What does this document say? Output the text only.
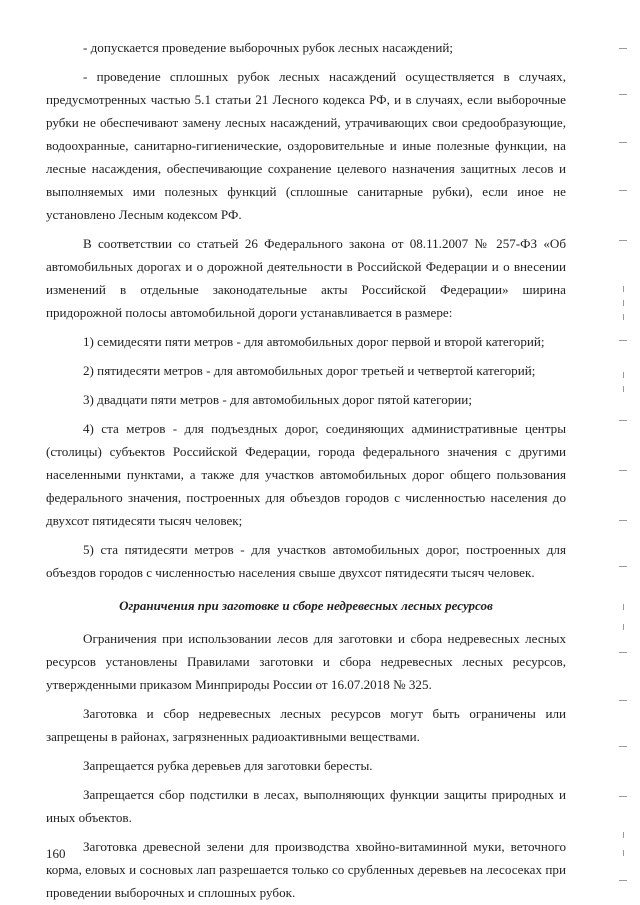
- допускается проведение выборочных рубок лесных насаждений;

- проведение сплошных рубок лесных насаждений осуществляется в случаях, предусмотренных частью 5.1 статьи 21 Лесного кодекса РФ, и в случаях, если выборочные рубки не обеспечивают замену лесных насаждений, утрачивающих свои средообразующие, водоохранные, санитарно-гигиенические, оздоровительные и иные полезные функции, на лесные насаждения, обеспечивающие сохранение целевого назначения защитных лесов и выполняемых ими полезных функций (сплошные санитарные рубки), если иное не установлено Лесным кодексом РФ.

В соответствии со статьей 26 Федерального закона от 08.11.2007 № 257-ФЗ «Об автомобильных дорогах и о дорожной деятельности в Российской Федерации и о внесении изменений в отдельные законодательные акты Российской Федерации» ширина придорожной полосы автомобильной дороги устанавливается в размере:

1) семидесяти пяти метров - для автомобильных дорог первой и второй категорий;

2) пятидесяти метров - для автомобильных дорог третьей и четвертой категорий;

3) двадцати пяти метров - для автомобильных дорог пятой категории;

4) ста метров - для подъездных дорог, соединяющих административные центры (столицы) субъектов Российской Федерации, города федерального значения с другими населенными пунктами, а также для участков автомобильных дорог общего пользования федерального значения, построенных для объездов городов с численностью населения до двухсот пятидесяти тысяч человек;

5) ста пятидесяти метров - для участков автомобильных дорог, построенных для объездов городов с численностью населения свыше двухсот пятидесяти тысяч человек.

Ограничения при заготовке и сборе недревесных лесных ресурсов

Ограничения при использовании лесов для заготовки и сбора недревесных лесных ресурсов установлены Правилами заготовки и сбора недревесных лесных ресурсов, утвержденными приказом Минприроды России от 16.07.2018 № 325.

Заготовка и сбор недревесных лесных ресурсов могут быть ограничены или запрещены в районах, загрязненных радиоактивными веществами.

Запрещается рубка деревьев для заготовки бересты.

Запрещается сбор подстилки в лесах, выполняющих функции защиты природных и иных объектов.

Заготовка древесной зелени для производства хвойно-витаминной муки, веточного корма, еловых и сосновых лап разрешается только со срубленных деревьев на лесосеках при проведении выборочных и сплошных рубок.

160
